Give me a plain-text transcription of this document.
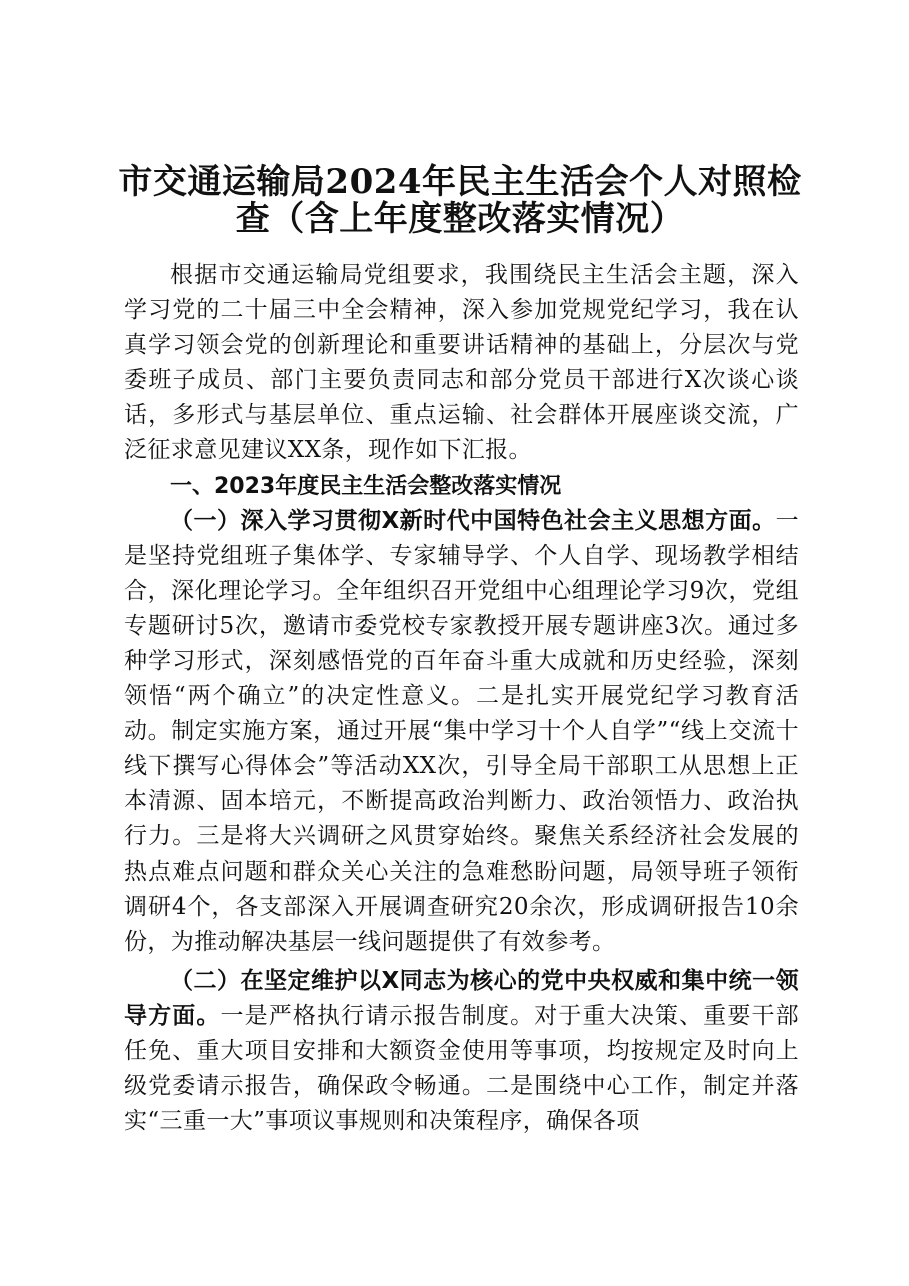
市交通运输局2024年民主生活会个人对照检
查（含上年度整改落实情况）

根据市交通运输局党组要求，我围绕民主生活会主题，深入学习党的二十届三中全会精神，深入参加党规党纪学习，我在认真学习领会党的创新理论和重要讲话精神的基础上，分层次与党委班子成员、部门主要负责同志和部分党员干部进行X次谈心谈话，多形式与基层单位、重点运输、社会群体开展座谈交流，广泛征求意见建议XX条，现作如下汇报。

一、2023年度民主生活会整改落实情况

（一）深入学习贯彻X新时代中国特色社会主义思想方面。一是坚持党组班子集体学、专家辅导学、个人自学、现场教学相结合，深化理论学习。全年组织召开党组中心组理论学习9次，党组专题研讨5次，邀请市委党校专家教授开展专题讲座3次。通过多种学习形式，深刻感悟党的百年奋斗重大成就和历史经验，深刻领悟“两个确立”的决定性意义。二是扎实开展党纪学习教育活动。制定实施方案，通过开展“集中学习十个人自学”“线上交流十线下撰写心得体会”等活动XX次，引导全局干部职工从思想上正本清源、固本培元，不断提高政治判断力、政治领悟力、政治执行力。三是将大兴调研之风贯穿始终。聚焦关系经济社会发展的热点难点问题和群众关心关注的急难愁盼问题，局领导班子领衔调研4个，各支部深入开展调查研究20余次，形成调研报告10余份，为推动解决基层一线问题提供了有效参考。

（二）在坚定维护以X同志为核心的党中央权威和集中统一领导方面。一是严格执行请示报告制度。对于重大决策、重要干部任免、重大项目安排和大额资金使用等事项，均按规定及时向上级党委请示报告，确保政令畅通。二是围绕中心工作，制定并落实“三重一大”事项议事规则和决策程序，确保各项
